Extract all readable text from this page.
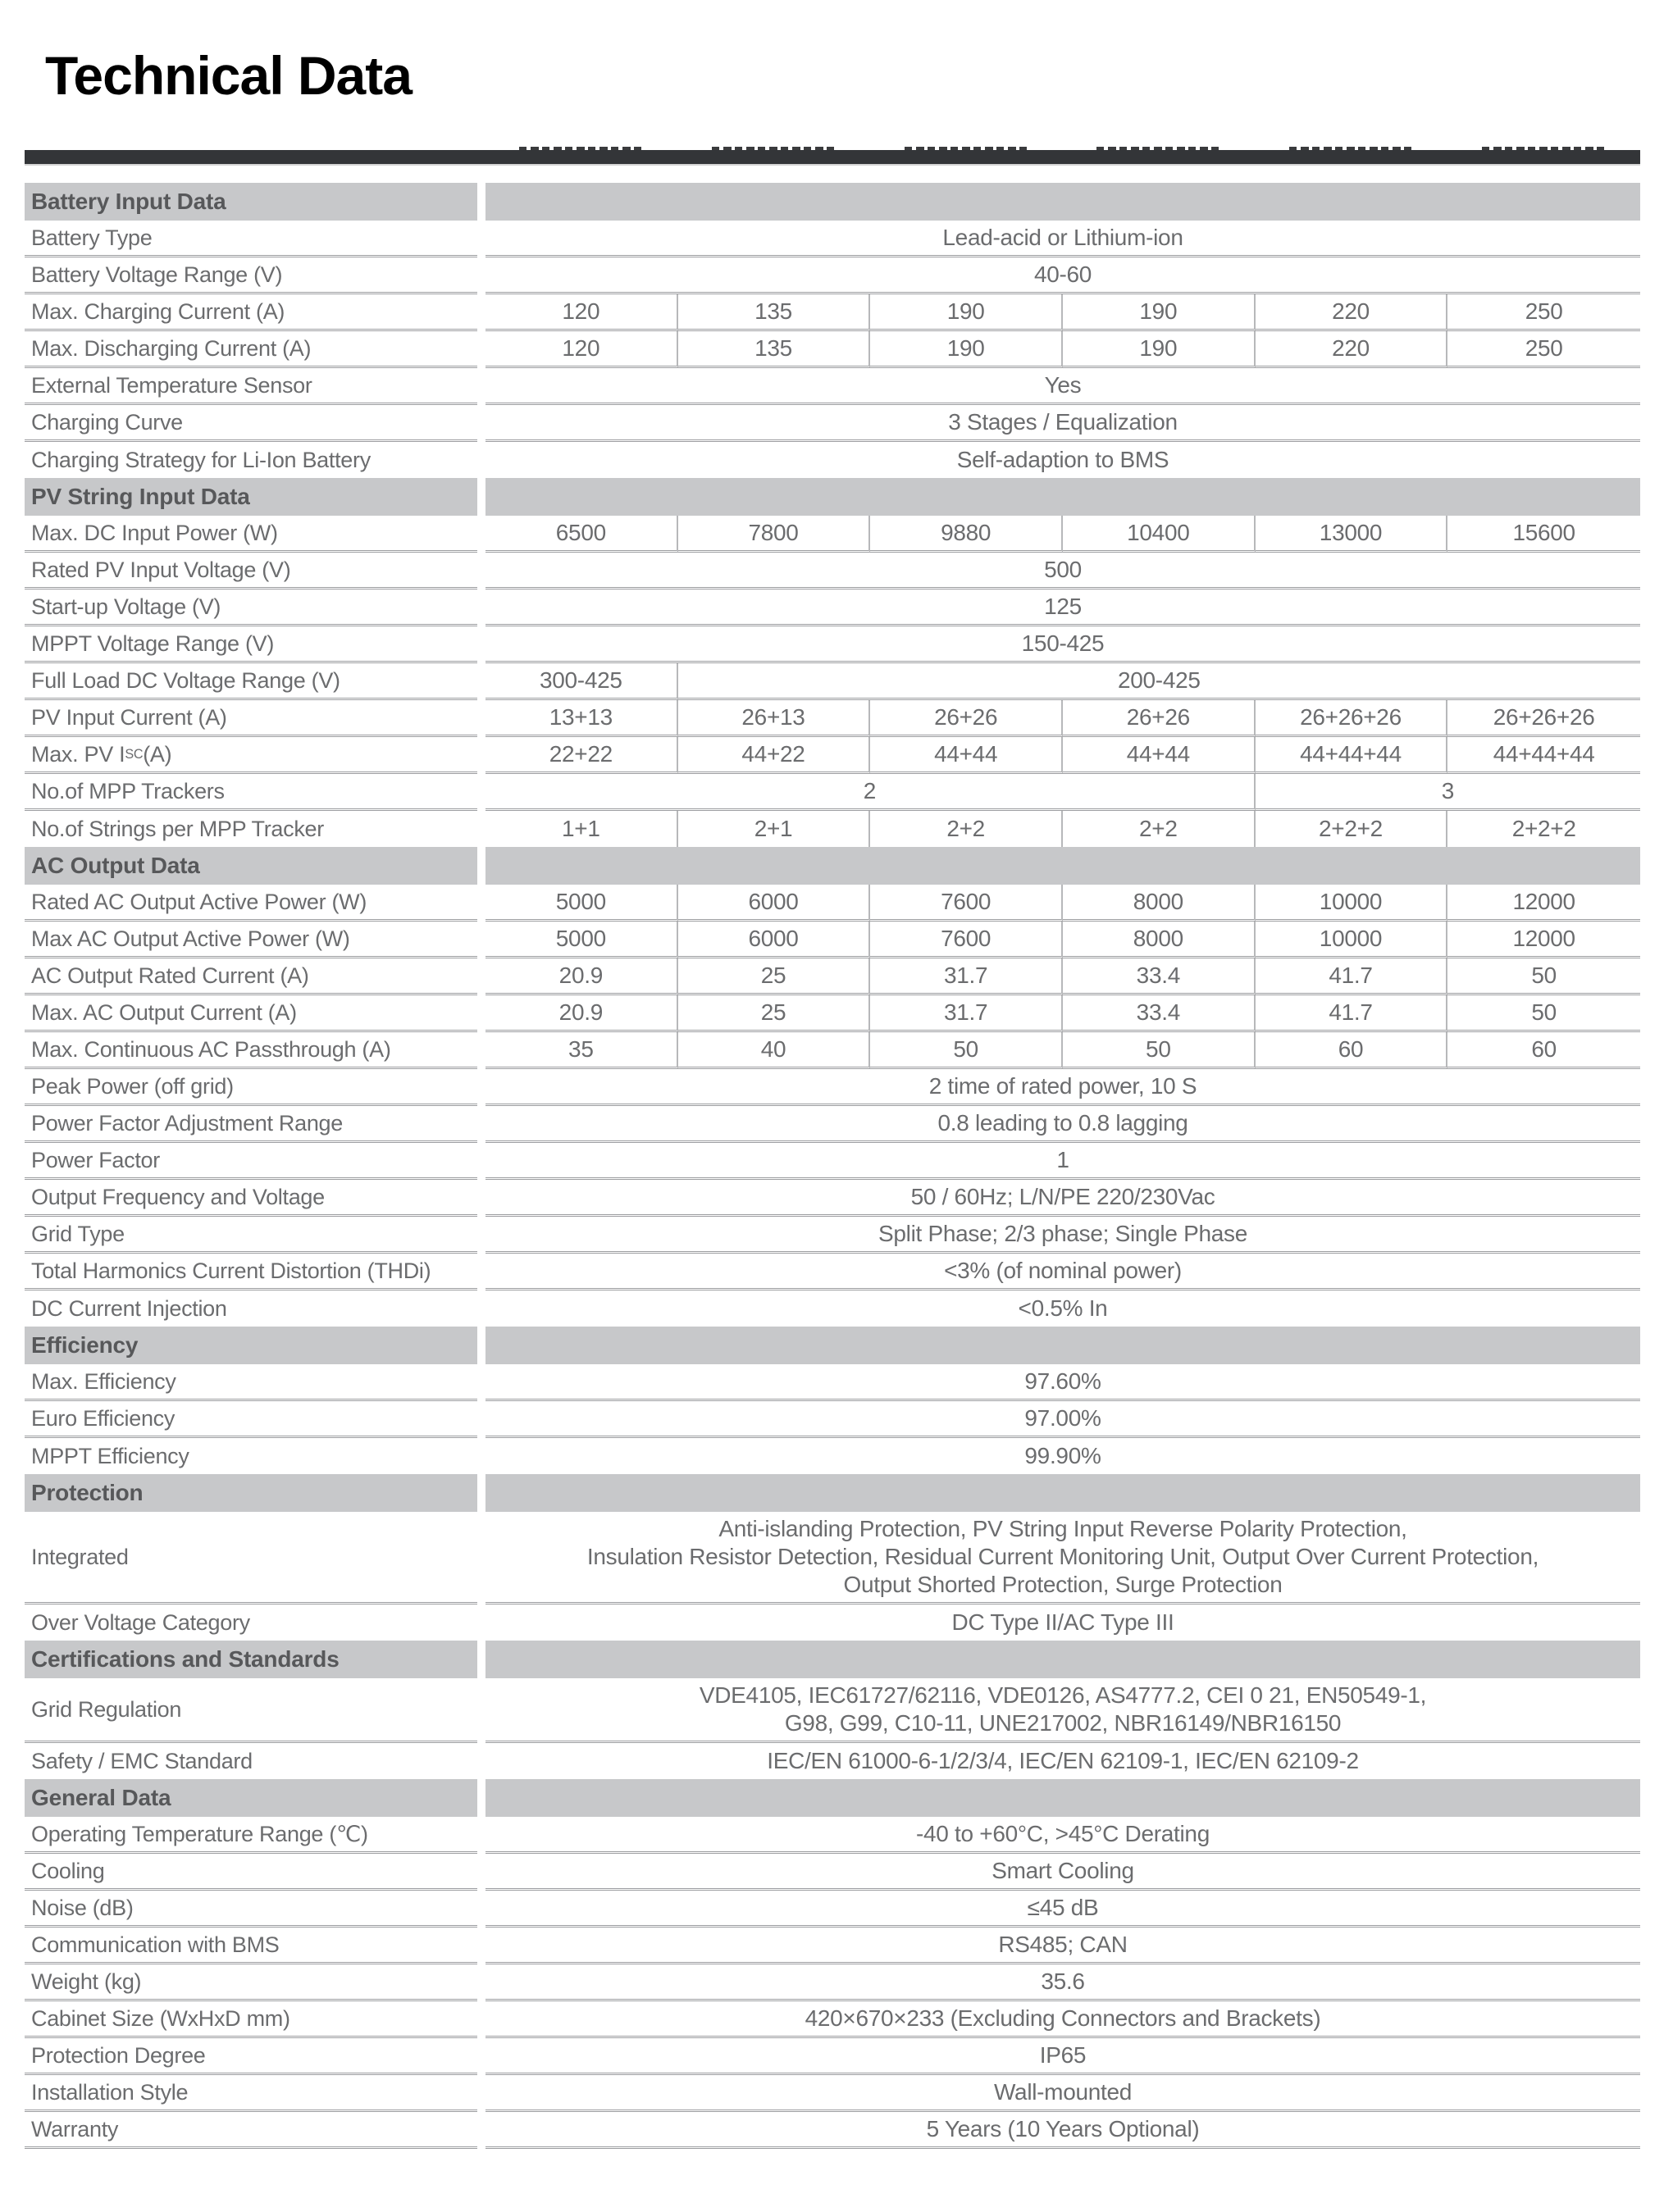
Technical Data
Battery Input Data
Battery Type	Lead-acid or Lithium-ion
Battery Voltage Range (V)	40-60
Max. Charging Current (A)	120	135	190	190	220	250
Max. Discharging Current (A)	120	135	190	190	220	250
External Temperature Sensor	Yes
Charging Curve	3 Stages / Equalization
Charging Strategy for Li-Ion Battery	Self-adaption to BMS
PV String Input Data
Max. DC Input Power (W)	6500	7800	9880	10400	13000	15600
Rated PV Input Voltage (V)	500
Start-up Voltage (V)	125
MPPT Voltage Range (V)	150-425
Full Load DC Voltage Range (V)	300-425	200-425
PV Input Current (A)	13+13	26+13	26+26	26+26	26+26+26	26+26+26
Max. PV I SC (A)	22+22	44+22	44+44	44+44	44+44+44	44+44+44
No.of MPP Trackers	2	3
No.of Strings per MPP Tracker	1+1	2+1	2+2	2+2	2+2+2	2+2+2
AC Output Data
Rated AC Output Active Power (W)	5000	6000	7600	8000	10000	12000
Max AC Output Active Power (W)	5000	6000	7600	8000	10000	12000
AC Output Rated Current (A)	20.9	25	31.7	33.4	41.7	50
Max. AC Output Current (A)	20.9	25	31.7	33.4	41.7	50
Max. Continuous AC Passthrough (A)	35	40	50	50	60	60
Peak Power (off grid)	2 time of rated power, 10 S
Power Factor Adjustment Range	0.8 leading to 0.8 lagging
Power Factor	1
Output Frequency and Voltage	50 / 60Hz; L/N/PE 220/230Vac
Grid Type	Split Phase; 2/3 phase; Single Phase
Total Harmonics Current Distortion (THDi)	<3% (of nominal power)
DC Current Injection	<0.5% In
Efficiency
Max. Efficiency	97.60%
Euro Efficiency	97.00%
MPPT Efficiency	99.90%
Protection
Integrated
Anti-islanding Protection, PV String Input Reverse Polarity Protection,
Insulation Resistor Detection, Residual Current Monitoring Unit, Output Over Current Protection,
Output Shorted Protection, Surge Protection
Over Voltage Category	DC Type II/AC Type III
Certifications and Standards
Grid Regulation
VDE4105, IEC61727/62116, VDE0126, AS4777.2, CEI 0 21, EN50549-1,
G98, G99, C10-11, UNE217002, NBR16149/NBR16150
Safety / EMC Standard	IEC/EN 61000-6-1/2/3/4, IEC/EN 62109-1, IEC/EN 62109-2
General Data
Operating Temperature Range (℃)	-40 to +60°C, >45°C Derating
Cooling	Smart Cooling
Noise (dB)	≤45 dB
Communication with BMS	RS485; CAN
Weight (kg)	35.6
Cabinet Size (WxHxD mm)	420×670×233 (Excluding Connectors and Brackets)
Protection Degree	IP65
Installation Style	Wall-mounted
Warranty	5 Years (10 Years Optional)
